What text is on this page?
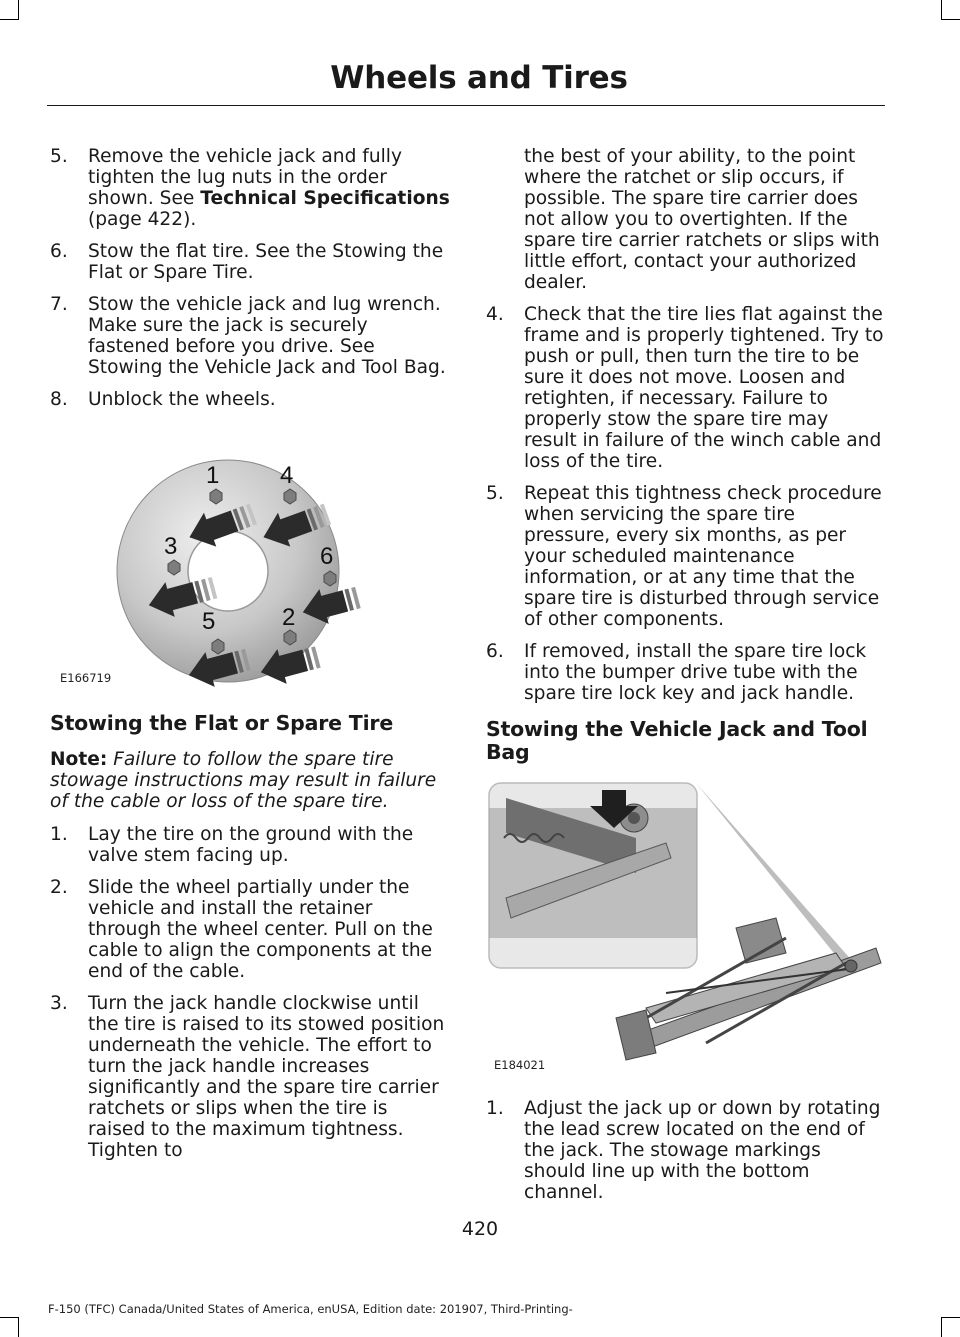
Wheels and Tires
5. Remove the vehicle jack and fully tighten the lug nuts in the order shown. See Technical Specifications (page 422).
6. Stow the flat tire. See the Stowing the Flat or Spare Tire.
7. Stow the vehicle jack and lug wrench. Make sure the jack is securely fastened before you drive. See Stowing the Vehicle Jack and Tool Bag.
8. Unblock the wheels.
1	4
3	6
5	2
E166719
Stowing the Flat or Spare Tire

Note: Failure to follow the spare tire stowage instructions may result in failure of the cable or loss of the spare tire.

1. Lay the tire on the ground with the valve stem facing up.
2. Slide the wheel partially under the vehicle and install the retainer through the wheel center. Pull on the cable to align the components at the end of the cable.
3. Turn the jack handle clockwise until the tire is raised to its stowed position underneath the vehicle. The effort to turn the jack handle increases significantly and the spare tire carrier ratchets or slips when the tire is raised to the maximum tightness. Tighten to

the best of your ability, to the point where the ratchet or slip occurs, if possible. The spare tire carrier does not allow you to overtighten. If the spare tire carrier ratchets or slips with little effort, contact your authorized dealer.

4. Check that the tire lies flat against the frame and is properly tightened. Try to push or pull, then turn the tire to be sure it does not move. Loosen and retighten, if necessary. Failure to properly stow the spare tire may result in failure of the winch cable and loss of the tire.
5. Repeat this tightness check procedure when servicing the spare tire pressure, every six months, as per your scheduled maintenance information, or at any time that the spare tire is disturbed through service of other components.
6. If removed, install the spare tire lock into the bumper drive tube with the spare tire lock key and jack handle.
Stowing the Vehicle Jack and Tool Bag
E184021
1. Adjust the jack up or down by rotating the lead screw located on the end of the jack. The stowage markings should line up with the bottom channel.
420
F-150 (TFC) Canada/United States of America, enUSA, Edition date: 201907, Third-Printing-
